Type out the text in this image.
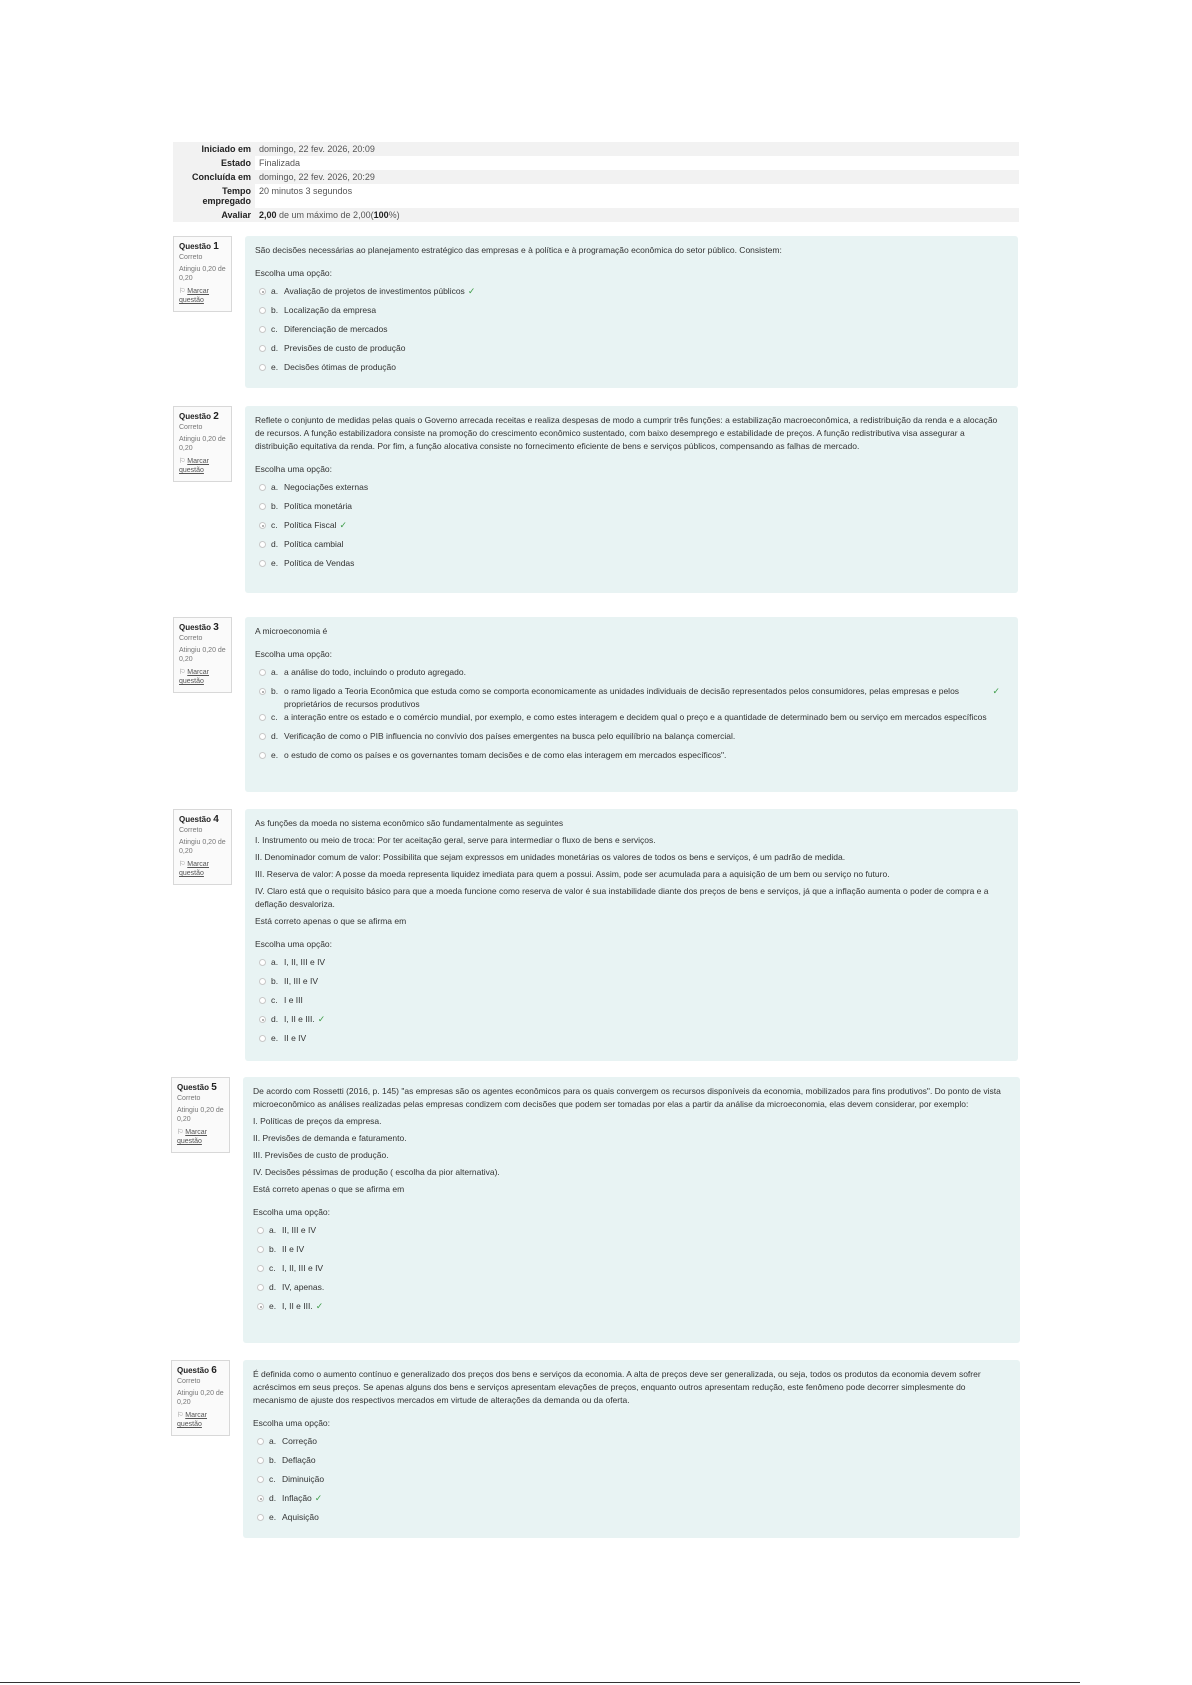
Iniciado em	domingo, 22 fev. 2026, 20:09
Estado	Finalizada
Concluída em	domingo, 22 fev. 2026, 20:29
Tempo empregado	20 minutos 3 segundos
Avaliar	2,00 de um máximo de 2,00(100%)
Questão 1
Correto
Atingiu 0,20 de 0,20
⚐ Marcar questão

São decisões necessárias ao planejamento estratégico das empresas e à política e à programação econômica do setor público. Consistem:

Escolha uma opção:
a. Avaliação de projetos de investimentos públicos ✓
b. Localização da empresa
c. Diferenciação de mercados
d. Previsões de custo de produção
e. Decisões ótimas de produção
Questão 2
Correto
Atingiu 0,20 de 0,20
⚐ Marcar questão

Reflete o conjunto de medidas pelas quais o Governo arrecada receitas e realiza despesas de modo a cumprir três funções: a estabilização macroeconômica, a redistribuição da renda e a alocação de recursos. A função estabilizadora consiste na promoção do crescimento econômico sustentado, com baixo desemprego e estabilidade de preços. A função redistributiva visa assegurar a distribuição equitativa da renda. Por fim, a função alocativa consiste no fornecimento eficiente de bens e serviços públicos, compensando as falhas de mercado.

Escolha uma opção:
a. Negociações externas
b. Política monetária
c. Política Fiscal ✓
d. Política cambial
e. Política de Vendas
Questão 3
Correto
Atingiu 0,20 de 0,20
⚐ Marcar questão

A microeconomia é

Escolha uma opção:
a. a análise do todo, incluindo o produto agregado.
b. o ramo ligado a Teoria Econômica que estuda como se comporta economicamente as unidades individuais de decisão representados pelos consumidores, pelas empresas e pelos proprietários de recursos produtivos
✓
c. a interação entre os estado e o comércio mundial, por exemplo, e como estes interagem e decidem qual o preço e a quantidade de determinado bem ou serviço em mercados específicos
d. Verificação de como o PIB influencia no convívio dos países emergentes na busca pelo equilíbrio na balança comercial.
e. o estudo de como os países e os governantes tomam decisões e de como elas interagem em mercados específicos".
Questão 4
Correto
Atingiu 0,20 de 0,20
⚐ Marcar questão

As funções da moeda no sistema econômico são fundamentalmente as seguintes

I. Instrumento ou meio de troca: Por ter aceitação geral, serve para intermediar o fluxo de bens e serviços.

II. Denominador comum de valor: Possibilita que sejam expressos em unidades monetárias os valores de todos os bens e serviços, é um padrão de medida.

III. Reserva de valor: A posse da moeda representa liquidez imediata para quem a possui. Assim, pode ser acumulada para a aquisição de um bem ou serviço no futuro.

IV. Claro está que o requisito básico para que a moeda funcione como reserva de valor é sua instabilidade diante dos preços de bens e serviços, já que a inflação aumenta o poder de compra e a deflação desvaloriza.

Está correto apenas o que se afirma em

Escolha uma opção:
a. I, II, III e IV
b. II, III e IV
c. I e III
d. I, II e III. ✓
e. II e IV
Questão 5
Correto
Atingiu 0,20 de 0,20
⚐ Marcar questão

De acordo com Rossetti (2016, p. 145) "as empresas são os agentes econômicos para os quais convergem os recursos disponíveis da economia, mobilizados para fins produtivos". Do ponto de vista microeconômico as análises realizadas pelas empresas condizem com decisões que podem ser tomadas por elas a partir da análise da microeconomia, elas devem considerar, por exemplo:

I. Políticas de preços da empresa.

II. Previsões de demanda e faturamento.

III. Previsões de custo de produção.

IV. Decisões péssimas de produção ( escolha da pior alternativa).

Está correto apenas o que se afirma em

Escolha uma opção:
a. II, III e IV
b. II e IV
c. I, II, III e IV
d. IV, apenas.
e. I, II e III. ✓
Questão 6
Correto
Atingiu 0,20 de 0,20
⚐ Marcar questão

É definida como o aumento contínuo e generalizado dos preços dos bens e serviços da economia. A alta de preços deve ser generalizada, ou seja, todos os produtos da economia devem sofrer acréscimos em seus preços. Se apenas alguns dos bens e serviços apresentam elevações de preços, enquanto outros apresentam redução, este fenômeno pode decorrer simplesmente do mecanismo de ajuste dos respectivos mercados em virtude de alterações da demanda ou da oferta.

Escolha uma opção:
a. Correção
b. Deflação
c. Diminuição
d. Inflação ✓
e. Aquisição
